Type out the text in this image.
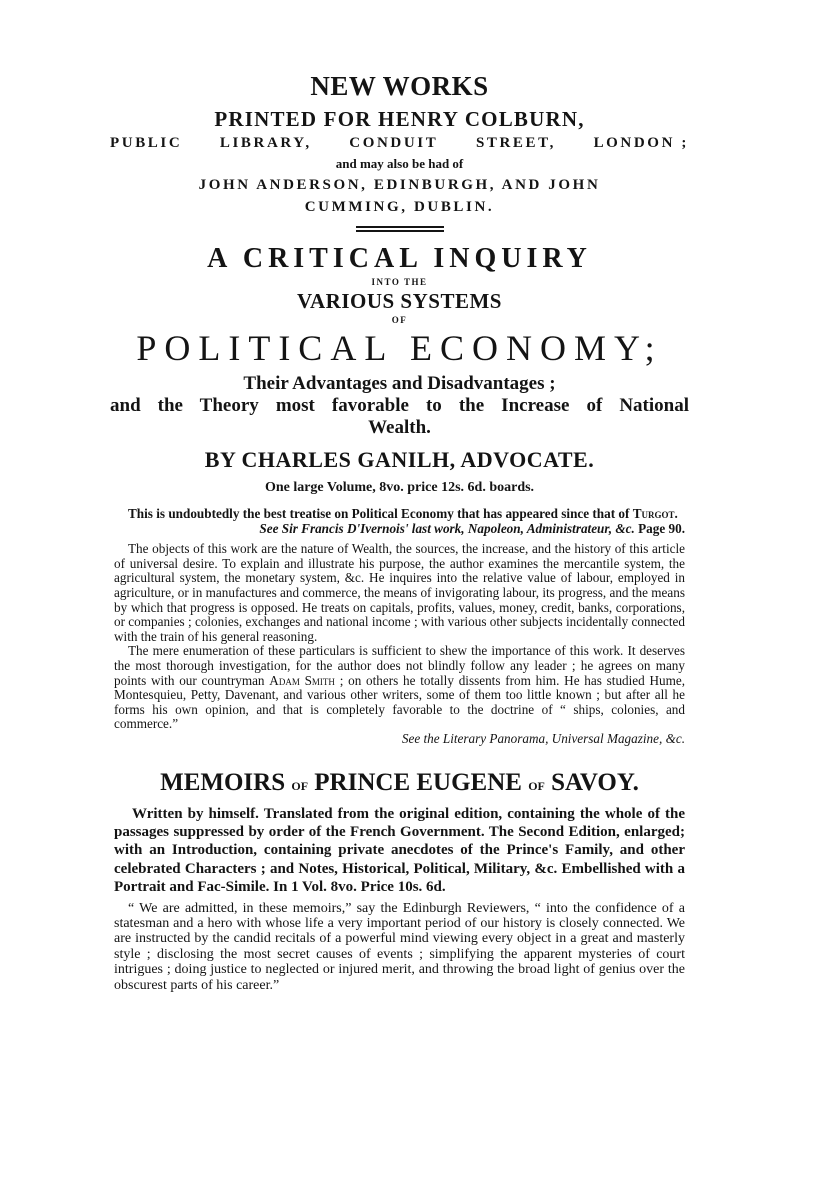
NEW WORKS
PRINTED FOR HENRY COLBURN,
PUBLIC	LIBRARY,	CONDUIT	STREET,	LONDON ;
and may also be had of
JOHN ANDERSON, EDINBURGH, AND JOHN
CUMMING, DUBLIN.
A CRITICAL INQUIRY
INTO THE
VARIOUS SYSTEMS
OF
POLITICAL ECONOMY;
Their Advantages and Disadvantages ;
and the Theory most favorable to the Increase of National
Wealth.
BY CHARLES GANILH, ADVOCATE.
One large Volume, 8vo. price 12s. 6d. boards.
This is undoubtedly the best treatise on Political Economy that has appeared since that of Turgot.
See Sir Francis D'Ivernois' last work, Napoleon, Administrateur, &c.
Page 90.
The objects of this work are the nature of Wealth, the sources, the increase, and the history of this article of universal desire. To explain and illustrate his purpose, the author examines the mercantile system, the agricultural system, the monetary system, &c. He inquires into the relative value of labour, employed in agriculture, or in manufactures and commerce, the means of invigorating labour, its progress, and the means by which that progress is opposed. He treats on capitals, profits, values, money, credit, banks, corporations, or companies ; colonies, exchanges and national income ; with various other subjects incidentally connected with the train of his general reasoning.
The mere enumeration of these particulars is sufficient to shew the importance of this work. It deserves the most thorough investigation, for the author does not blindly follow any leader ; he agrees on many points with our countryman Adam Smith ; on others he totally dissents from him. He has studied Hume, Montesquieu, Petty, Davenant, and various other writers, some of them too little known ; but after all he forms his own opinion, and that is completely favorable to the doctrine of “ ships, colonies, and commerce.”
See the Literary Panorama, Universal Magazine, &c.
MEMOIRS of PRINCE EUGENE of SAVOY.
Written by himself. Translated from the original edition, containing the whole of the passages suppressed by order of the French Government. The Second Edition, enlarged; with an Introduction, containing private anecdotes of the Prince's Family, and other celebrated Characters ; and Notes, Historical, Political, Military, &c. Embellished with a Portrait and Fac-Simile. In 1 Vol. 8vo. Price 10s. 6d.
“ We are admitted, in these memoirs,” say the Edinburgh Reviewers, “ into the confidence of a statesman and a hero with whose life a very important period of our history is closely connected. We are instructed by the candid recitals of a powerful mind viewing every object in a great and masterly style ; disclosing the most secret causes of events ; simplifying the apparent mysteries of court intrigues ; doing justice to neglected or injured merit, and throwing the broad light of genius over the obscurest parts of his career.”
